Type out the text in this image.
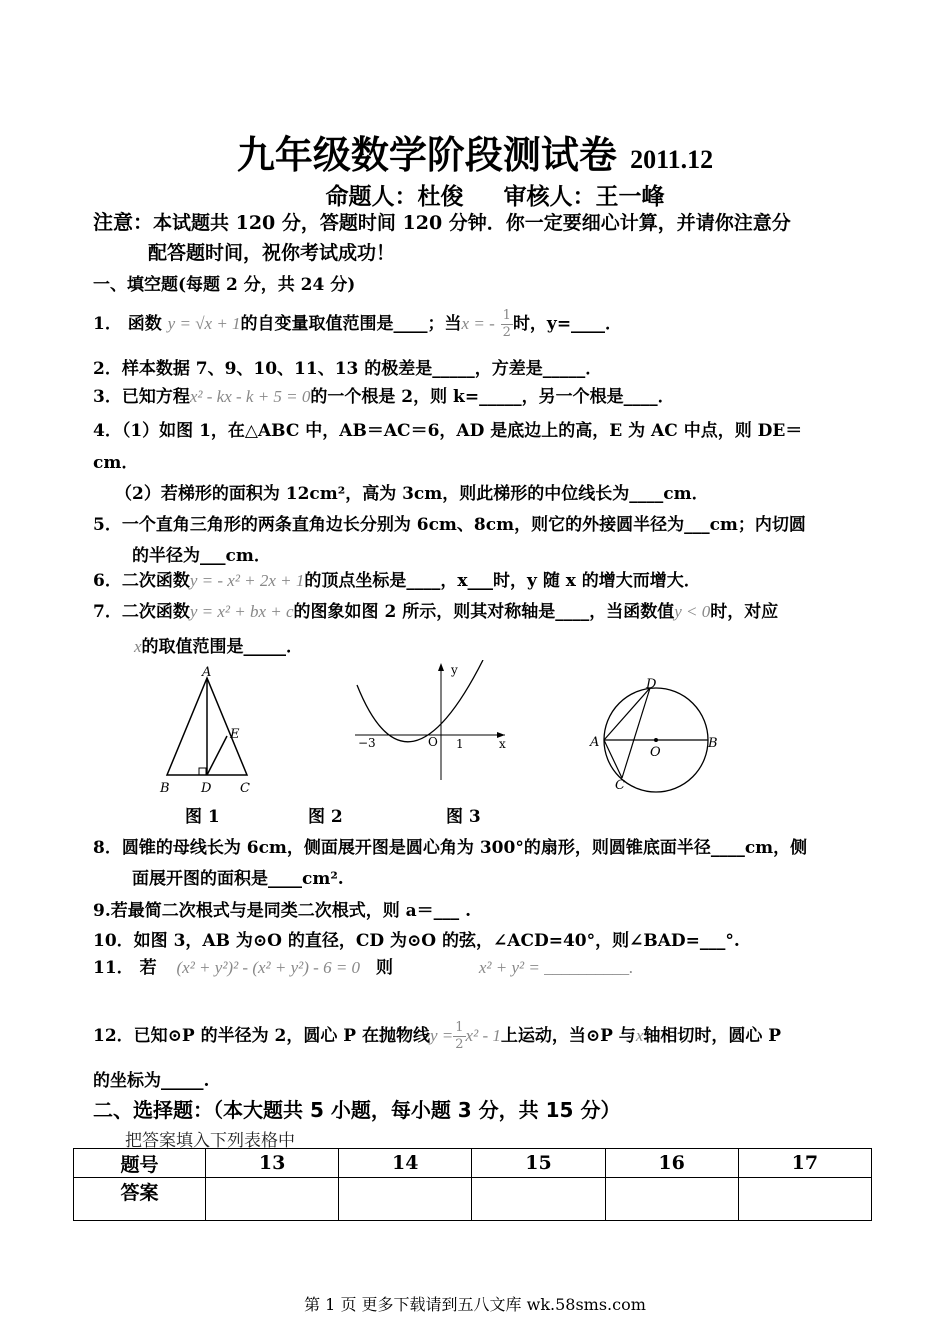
九年级数学阶段测试卷 2011.12
命题人：杜俊     审核人：王一峰
注意：本试题共 120 分，答题时间 120 分钟．你一定要细心计算，并请你注意分
配答题时间，祝你考试成功！
一、填空题(每题 2 分，共 24 分)
1． 函数 y = √x + 1的自变量取值范围是____；当x = - $\frac{1}{2}$ 时，y=____．
2．样本数据 7、9、10、11、13 的极差是_____，方差是_____．
3．已知方程x² - kx - k + 5 = 0的一个根是 2，则 k=_____，另一个根是____．
4．（1）如图 1，在△ABC 中，AB＝AC＝6，AD 是底边上的高，E 为 AC 中点，则 DE＝
cm．
（2）若梯形的面积为 12cm²，高为 3cm，则此梯形的中位线长为____cm．
5．一个直角三角形的两条直角边长分别为 6cm、8cm，则它的外接圆半径为___cm；内切圆
的半径为___cm．
6．二次函数y = - x² + 2x + 1的顶点坐标是____，x___时，y 随 x 的增大而增大．
7．二次函数y = x² + bx + c的图象如图 2 所示，则其对称轴是____，当函数值y < 0时，对应
x的取值范围是_____．
A
B D C
E
y
x
O
−3	1
D
A	B
O
C
图 1	图 2	图 3
8．圆锥的母线长为 6cm，侧面展开图是圆心角为 300°的扇形，则圆锥底面半径____cm，侧
面展开图的面积是____cm².
9.若最简二次根式与是同类二次根式，则 a＝___ .
10．如图 3，AB 为⊙O 的直径，CD 为⊙O 的弦，∠ACD=40°，则∠BAD=___°.
11． 若 (x² + y²)² - (x² + y²) - 6 = 0 则	x² + y² = __________.
12．已知⊙P 的半径为 2，圆心 P 在抛物线$y = \frac{1}{2} x^2 - 1$上运动，当⊙P 与x轴相切时，圆心 P
的坐标为_____.
二、选择题：（本大题共 5 小题，每小题 3 分，共 15 分）
把答案填入下列表格中
题号	13	14	15	16	17
答案					
第 1 页 更多下载请到五八文库 wk.58sms.com
